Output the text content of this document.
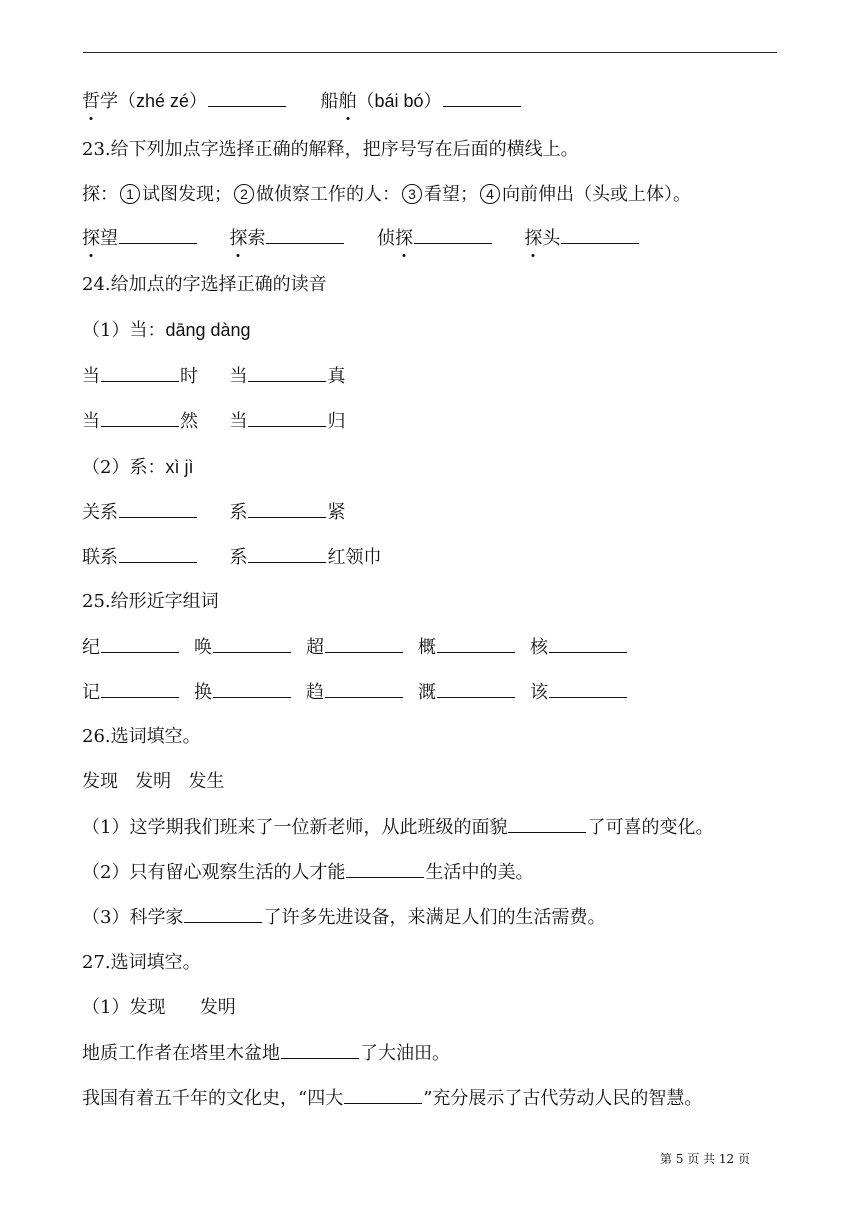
哲学（zhé zé）	船舶（bái bó）
23.给下列加点字选择正确的解释，把序号写在后面的横线上。
探： 1 试图发现； 2 做侦察工作的人： 3 看望； 4 向前伸出（头或上体）。
探望	探索	侦探	探头
24.给加点的字选择正确的读音
（1）当：dāng dàng
当	时 当	真
当	然 当	归
（2）系：xì jì
关系	系	紧
联系	系	红领巾
25.给形近字组词
纪	唤	超	概	核
记	换	趋	溉	该
26.选词填空。
发现   发明   发生
（1）这学期我们班来了一位新老师，从此班级的面貌	了可喜的变化。
（2）只有留心观察生活的人才能	生活中的美。
（3）科学家	了许多先进设备，来满足人们的生活需费。
27.选词填空。
（1）发现      发明
地质工作者在塔里木盆地	了大油田。
我国有着五千年的文化史，“四大	”充分展示了古代劳动人民的智慧。
第 5 页 共 12 页
